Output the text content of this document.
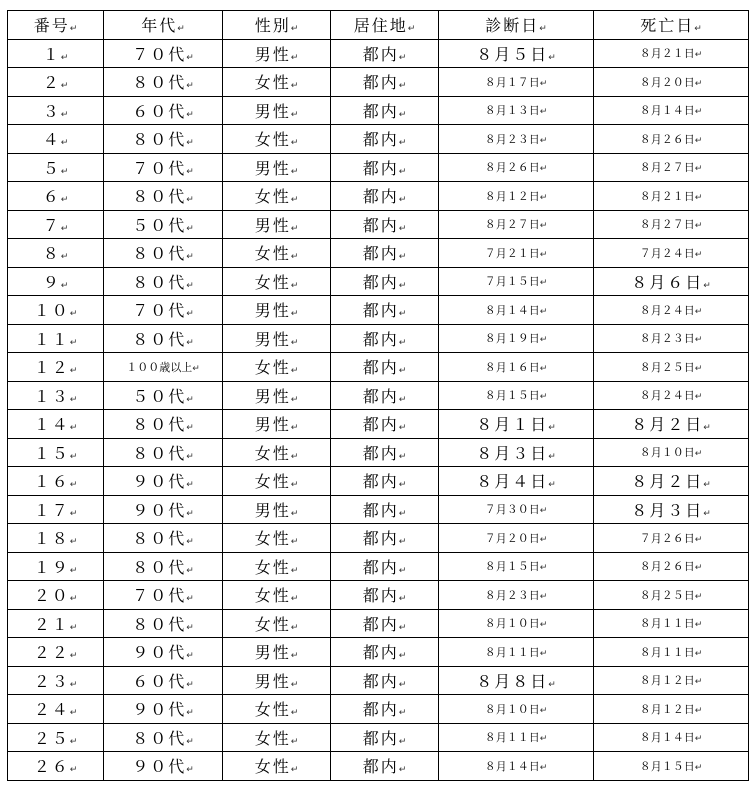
番号↵	年代↵	性別↵	居住地↵	診断日↵	死亡日↵
１↵	７０代↵	男性↵	都内↵	８月５日↵	８月２１日↵
２↵	８０代↵	女性↵	都内↵	８月１７日↵	８月２０日↵
３↵	６０代↵	男性↵	都内↵	８月１３日↵	８月１４日↵
４↵	８０代↵	女性↵	都内↵	８月２３日↵	８月２６日↵
５↵	７０代↵	男性↵	都内↵	８月２６日↵	８月２７日↵
６↵	８０代↵	女性↵	都内↵	８月１２日↵	８月２１日↵
７↵	５０代↵	男性↵	都内↵	８月２７日↵	８月２７日↵
８↵	８０代↵	女性↵	都内↵	７月２１日↵	７月２４日↵
９↵	８０代↵	女性↵	都内↵	７月１５日↵	８月６日↵
１０↵	７０代↵	男性↵	都内↵	８月１４日↵	８月２４日↵
１１↵	８０代↵	男性↵	都内↵	８月１９日↵	８月２３日↵
１２↵	１００歳以上↵	女性↵	都内↵	８月１６日↵	８月２５日↵
１３↵	５０代↵	男性↵	都内↵	８月１５日↵	８月２４日↵
１４↵	８０代↵	男性↵	都内↵	８月１日↵	８月２日↵
１５↵	８０代↵	女性↵	都内↵	８月３日↵	８月１０日↵
１６↵	９０代↵	女性↵	都内↵	８月４日↵	８月２日↵
１７↵	９０代↵	男性↵	都内↵	７月３０日↵	８月３日↵
１８↵	８０代↵	女性↵	都内↵	７月２０日↵	７月２６日↵
１９↵	８０代↵	女性↵	都内↵	８月１５日↵	８月２６日↵
２０↵	７０代↵	女性↵	都内↵	８月２３日↵	８月２５日↵
２１↵	８０代↵	女性↵	都内↵	８月１０日↵	８月１１日↵
２２↵	９０代↵	男性↵	都内↵	８月１１日↵	８月１１日↵
２３↵	６０代↵	男性↵	都内↵	８月８日↵	８月１２日↵
２４↵	９０代↵	女性↵	都内↵	８月１０日↵	８月１２日↵
２５↵	８０代↵	女性↵	都内↵	８月１１日↵	８月１４日↵
２６↵	９０代↵	女性↵	都内↵	８月１４日↵	８月１５日↵
